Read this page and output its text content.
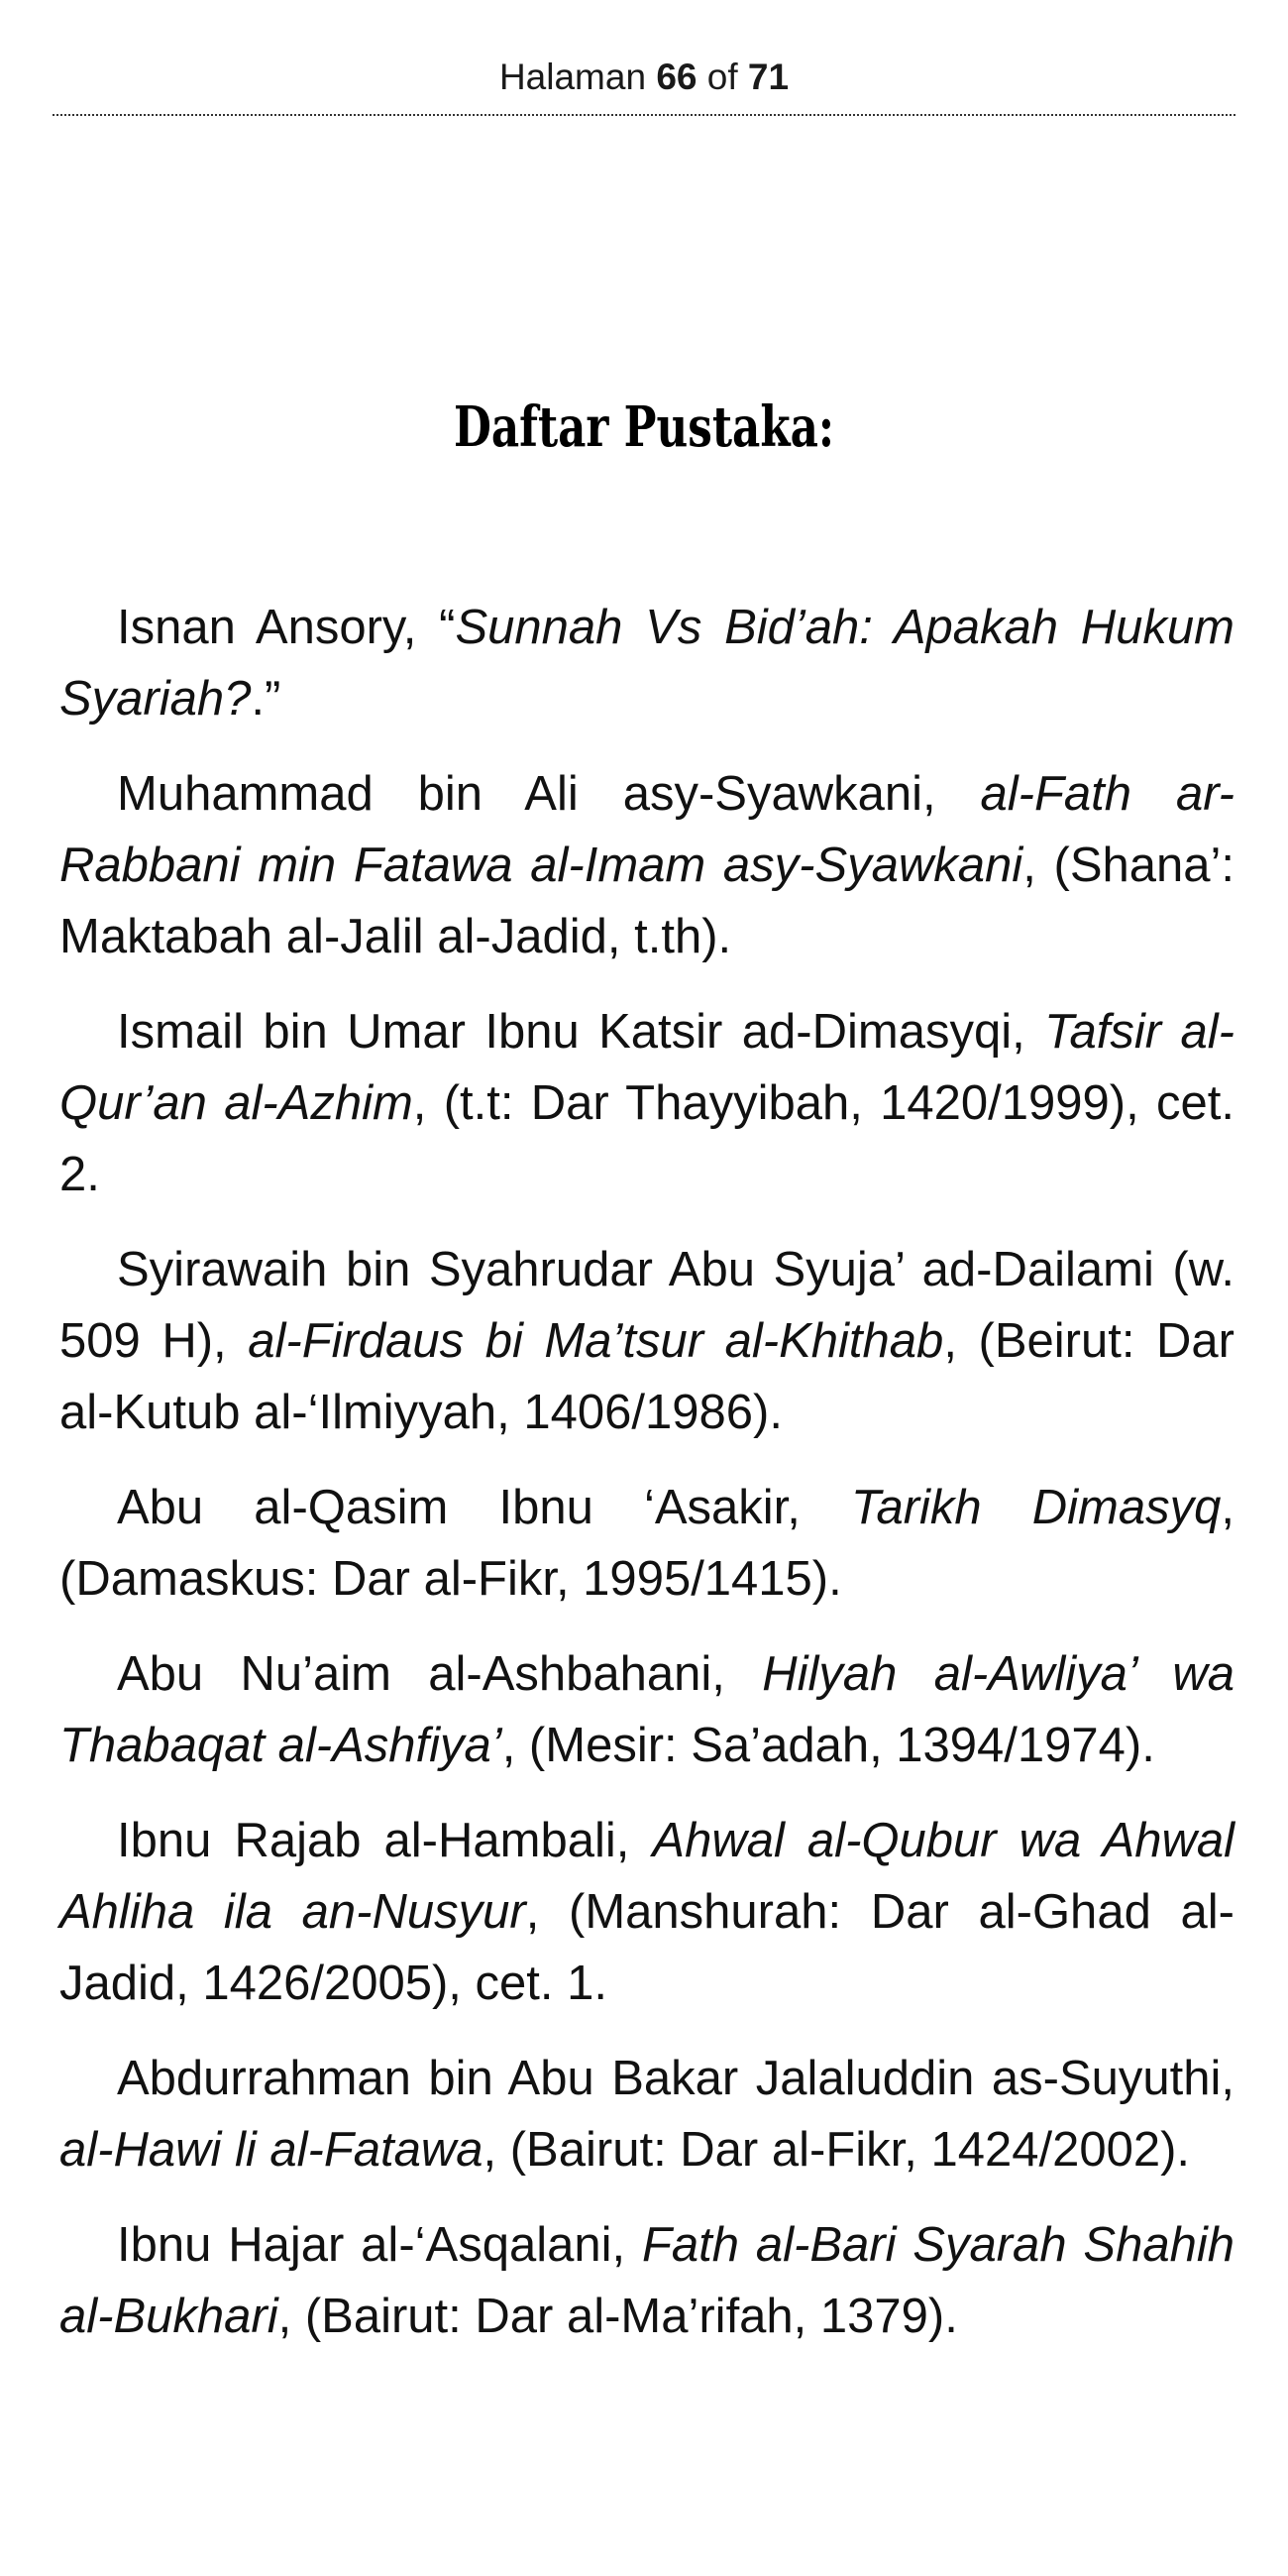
Halaman 66 of 71
Daftar Pustaka:

Isnan Ansory, “Sunnah Vs Bid’ah: Apakah Hukum Syariah?.”

Muhammad bin Ali asy-Syawkani, al-Fath ar-Rabbani min Fatawa al-Imam asy-Syawkani, (Shana’: Maktabah al-Jalil al-Jadid, t.th).

Ismail bin Umar Ibnu Katsir ad-Dimasyqi, Tafsir al-Qur’an al-Azhim, (t.t: Dar Thayyibah, 1420/1999), cet. 2.

Syirawaih bin Syahrudar Abu Syuja’ ad-Dailami (w. 509 H), al-Firdaus bi Ma’tsur al-Khithab, (Beirut: Dar al-Kutub al-‘Ilmiyyah, 1406/1986).

Abu al-Qasim Ibnu ‘Asakir, Tarikh Dimasyq, (Damaskus: Dar al-Fikr, 1995/1415).

Abu Nu’aim al-Ashbahani, Hilyah al-Awliya’ wa Thabaqat al-Ashfiya’, (Mesir: Sa’adah, 1394/1974).

Ibnu Rajab al-Hambali, Ahwal al-Qubur wa Ahwal Ahliha ila an-Nusyur, (Manshurah: Dar al-Ghad al-Jadid, 1426/2005), cet. 1.

Abdurrahman bin Abu Bakar Jalaluddin as-Suyuthi, al-Hawi li al-Fatawa, (Bairut: Dar al-Fikr, 1424/2002).

Ibnu Hajar al-‘Asqalani, Fath al-Bari Syarah Shahih al-Bukhari, (Bairut: Dar al-Ma’rifah, 1379).
